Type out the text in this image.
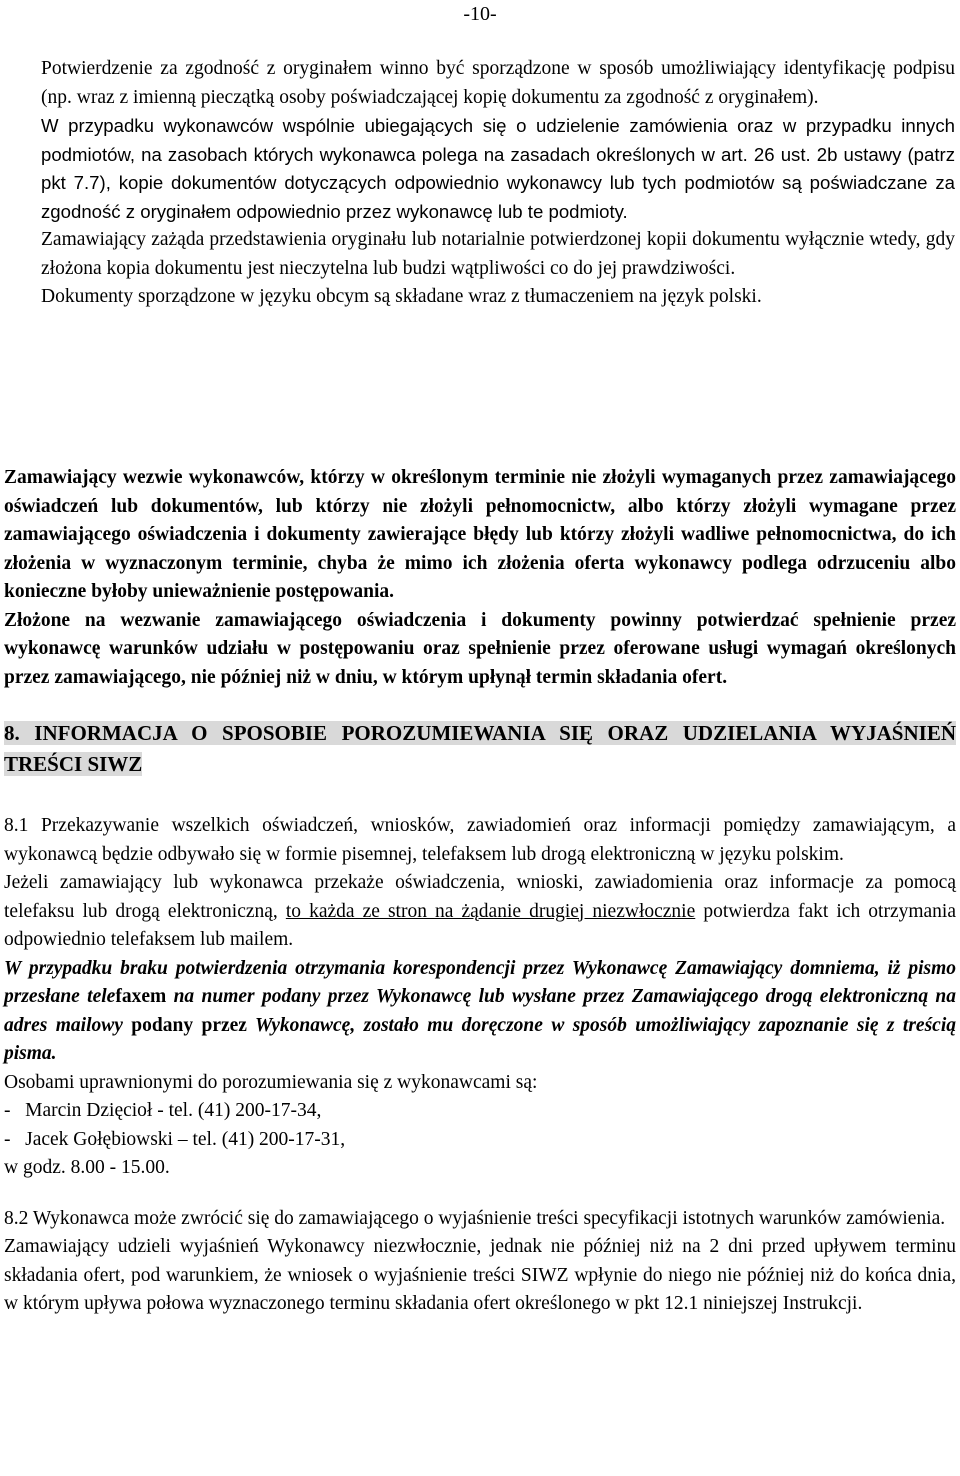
-10-

Potwierdzenie za zgodność z oryginałem winno być sporządzone w sposób umożliwiający identyfikację podpisu (np. wraz z imienną pieczątką osoby poświadczającej kopię dokumentu za zgodność z oryginałem).

W przypadku wykonawców wspólnie ubiegających się o udzielenie zamówienia oraz w przypadku innych podmiotów, na zasobach których wykonawca polega na zasadach określonych w art. 26 ust. 2b ustawy (patrz pkt 7.7), kopie dokumentów dotyczących odpowiednio wykonawcy lub tych podmiotów są poświadczane za zgodność z oryginałem odpowiednio przez wykonawcę lub te podmioty.

Zamawiający zażąda przedstawienia oryginału lub notarialnie potwierdzonej kopii dokumentu wyłącznie wtedy, gdy złożona kopia dokumentu jest nieczytelna lub budzi wątpliwości co do jej prawdziwości.

Dokumenty sporządzone w języku obcym są składane wraz z tłumaczeniem na język polski.

Zamawiający wezwie wykonawców, którzy w określonym terminie nie złożyli wymaganych przez zamawiającego oświadczeń lub dokumentów, lub którzy nie złożyli pełnomocnictw, albo którzy złożyli wymagane przez zamawiającego oświadczenia i dokumenty zawierające błędy lub którzy złożyli wadliwe pełnomocnictwa, do ich złożenia w wyznaczonym terminie, chyba że mimo ich złożenia oferta wykonawcy podlega odrzuceniu albo konieczne byłoby unieważnienie postępowania.

Złożone na wezwanie zamawiającego oświadczenia i dokumenty powinny potwierdzać spełnienie przez wykonawcę warunków udziału w postępowaniu oraz spełnienie przez oferowane usługi wymagań określonych przez zamawiającego, nie później niż w dniu, w którym upłynął termin składania ofert.

8. INFORMACJA O SPOSOBIE POROZUMIEWANIA SIĘ ORAZ UDZIELANIA WYJAŚNIEŃ TREŚCI SIWZ

8.1 Przekazywanie wszelkich oświadczeń, wniosków, zawiadomień oraz informacji pomiędzy zamawiającym, a wykonawcą będzie odbywało się w formie pisemnej, telefaksem lub drogą elektroniczną w języku polskim.

Jeżeli zamawiający lub wykonawca przekaże oświadczenia, wnioski, zawiadomienia oraz informacje za pomocą telefaksu lub drogą elektroniczną, to każda ze stron na żądanie drugiej niezwłocznie potwierdza fakt ich otrzymania odpowiednio telefaksem lub mailem.

W przypadku braku potwierdzenia otrzymania korespondencji przez Wykonawcę Zamawiający domniema, iż pismo przesłane telefaxem na numer podany przez Wykonawcę lub wysłane przez Zamawiającego drogą elektroniczną na adres mailowy podany przez Wykonawcę, zostało mu doręczone w sposób umożliwiający zapoznanie się z treścią pisma.

Osobami uprawnionymi do porozumiewania się z wykonawcami są:

-   Marcin Dzięcioł - tel. (41) 200-17-34,

-   Jacek Gołębiowski – tel. (41) 200-17-31,

w godz. 8.00 - 15.00.

8.2 Wykonawca może zwrócić się do zamawiającego o wyjaśnienie treści specyfikacji istotnych warunków zamówienia.

Zamawiający udzieli wyjaśnień Wykonawcy niezwłocznie, jednak nie później niż na 2 dni przed upływem terminu składania ofert, pod warunkiem, że wniosek o wyjaśnienie treści SIWZ wpłynie do niego nie później niż do końca dnia, w którym upływa połowa wyznaczonego terminu składania ofert określonego w pkt 12.1 niniejszej Instrukcji.
